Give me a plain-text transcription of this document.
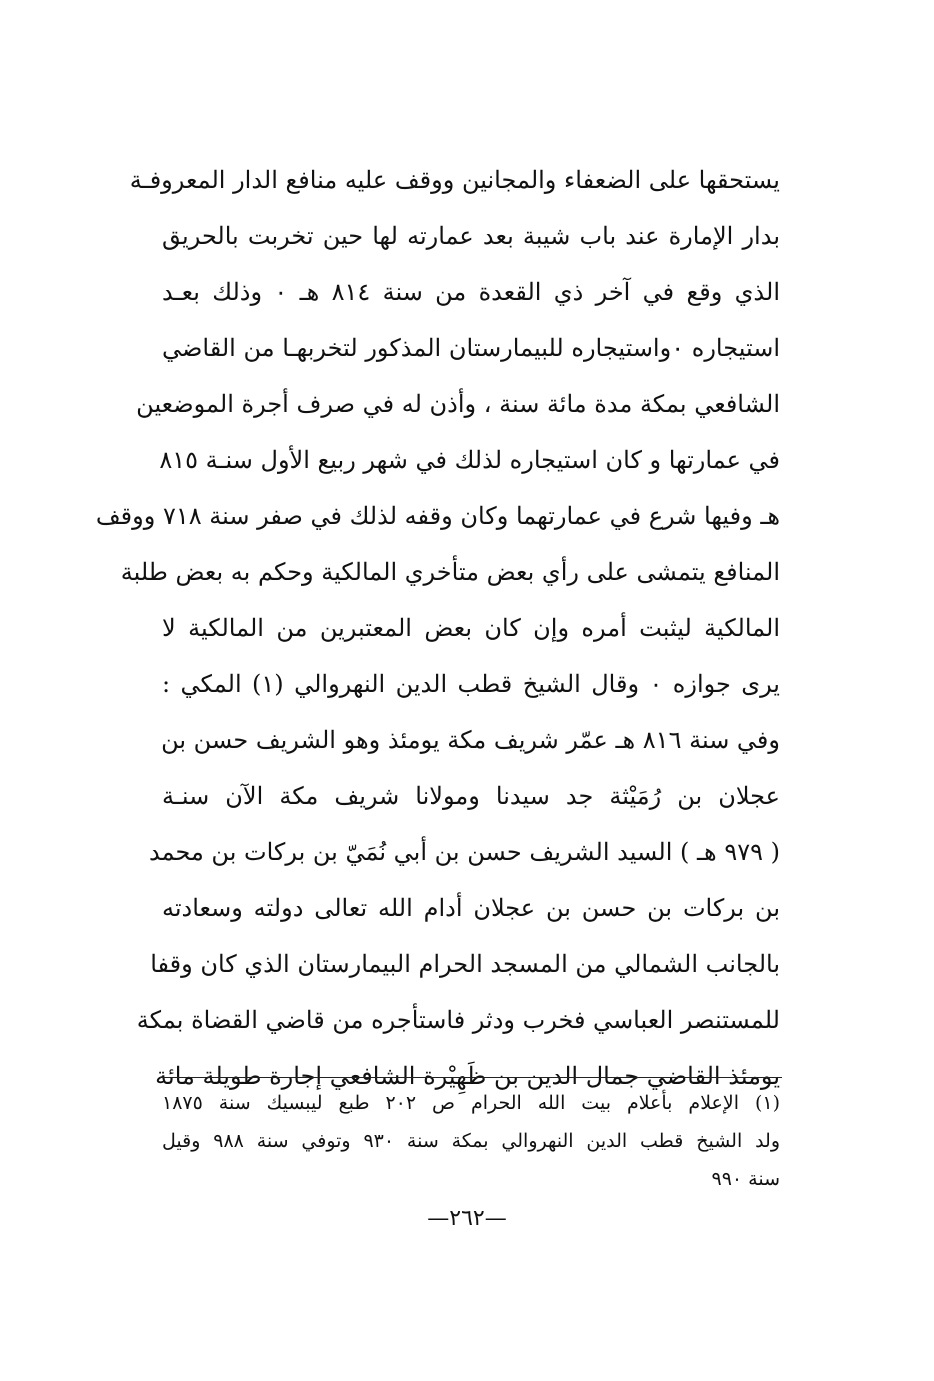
يستحقها على الضعفاء والمجانين ووقف عليه منافع الدار المعروفـة
بدار الإمارة عند باب شيبة بعد عمارته لها حين تخربت بالحريق
الذي وقع في آخر ذي القعدة من سنة ٨١٤ هـ ٠ وذلك بعـد
استيجاره ٠واستيجاره للبيمارستان المذكور لتخربهـا من القاضي
الشافعي بمكة مدة مائة سنة ، وأذن له في صرف أجرة الموضعين
في عمارتها و كان استيجاره لذلك في شهر ربيع الأول سنـة ٨١٥
هـ وفيها شرع في عمارتهما وكان وقفه لذلك في صفر سنة ٧١٨ ووقف
المنافع يتمشى على رأي بعض متأخري المالكية وحكم به بعض طلبة
المالكية ليثبت أمره وإن كان بعض المعتبرين من المالكية لا
يرى جوازه ٠ وقال الشيخ قطب الدين النهروالي (١) المكي :
وفي سنة ٨١٦ هـ عمّر شريف مكة يومئذ وهو الشريف حسن بن
عجلان بن رُمَيْثة جد سيدنا ومولانا شريف مكة الآن سنـة
( ٩٧٩ هـ ) السيد الشريف حسن بن أبي نُمَيّ بن بركات بن محمد
بن بركات بن حسن بن عجلان أدام الله تعالى دولته وسعادته
بالجانب الشمالي من المسجد الحرام البيمارستان الذي كان وقفا
للمستنصر العباسي فخرب ودثر فاستأجره من قاضي القضاة بمكة
يومئذ القاضي جمال الدين بن ظَهِيْرة الشافعي إجارة طويلة مائة
(١) الإعلام بأعلام بيت الله الحرام ص ٢٠٢ طبع ليبسيك سنة ١٨٧٥
ولد الشيخ قطب الدين النهروالي بمكة سنة ٩٣٠ وتوفي سنة ٩٨٨ وقيل
سنة ٩٩٠
—٢٦٢—
